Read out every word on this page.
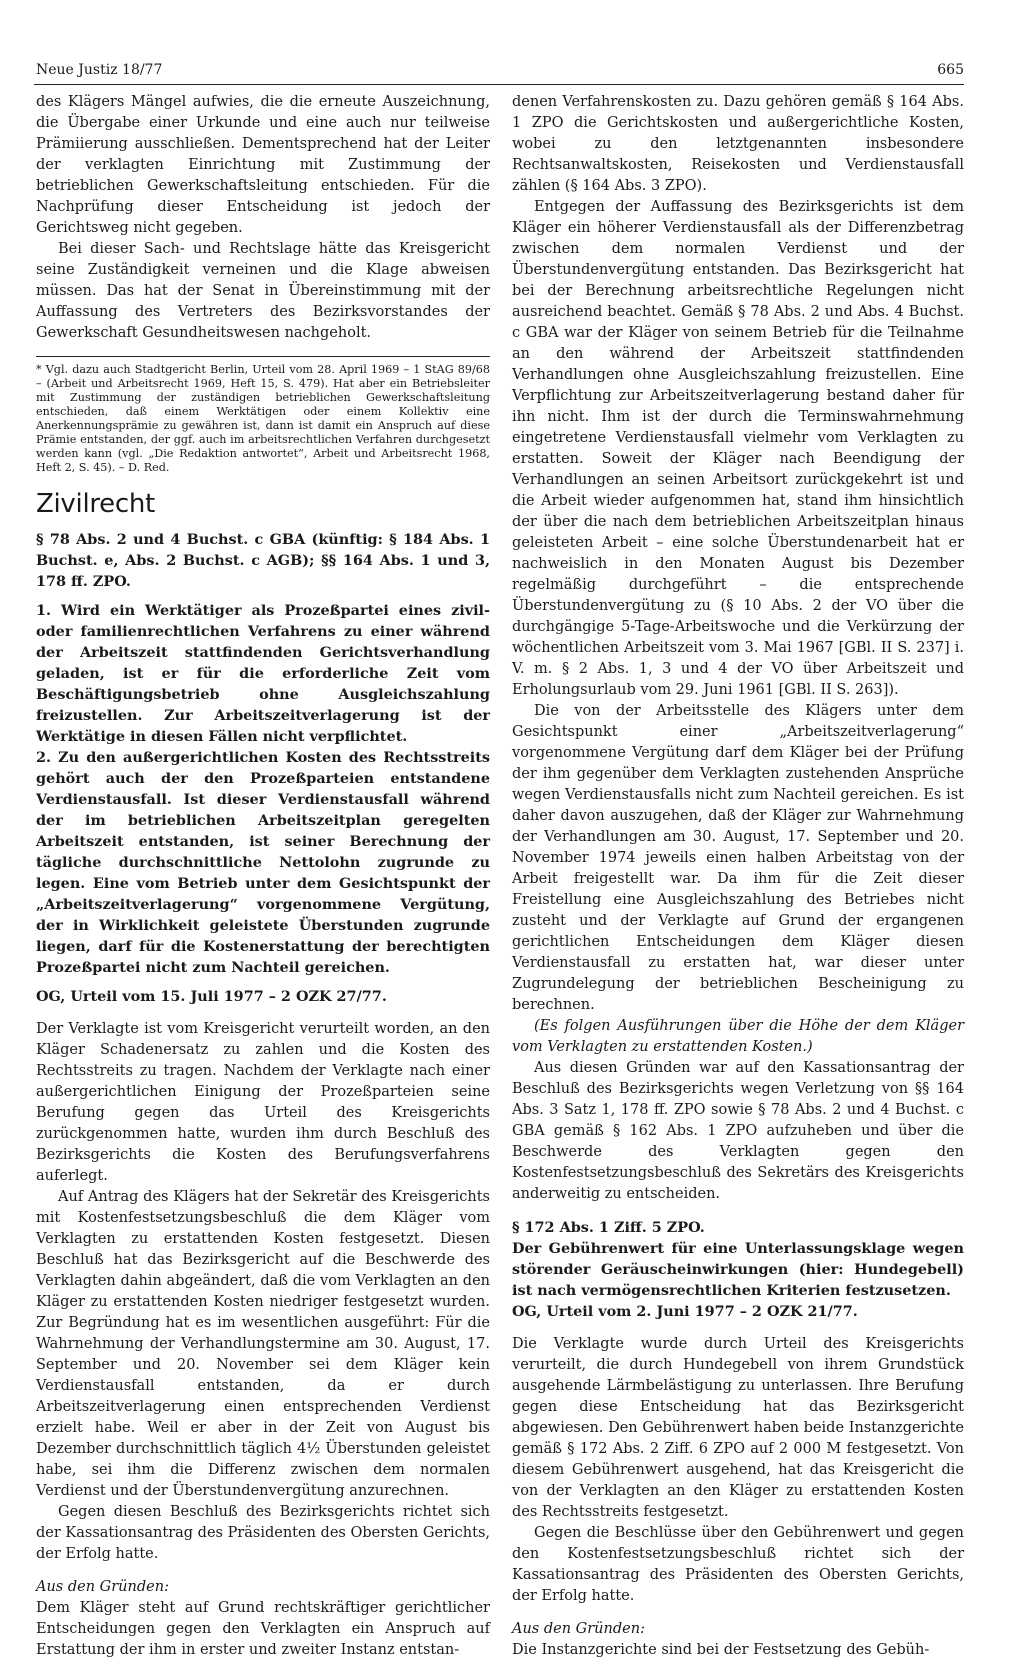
Neue Justiz 18/77	665

des Klägers Mängel aufwies, die die erneute Auszeichnung, die Übergabe einer Urkunde und eine auch nur teilweise Prämiierung ausschließen. Dementsprechend hat der Leiter der verklagten Einrichtung mit Zustimmung der betrieblichen Gewerkschaftsleitung entschieden. Für die Nachprüfung dieser Entscheidung ist jedoch der Gerichtsweg nicht gegeben.

Bei dieser Sach- und Rechtslage hätte das Kreisgericht seine Zuständigkeit verneinen und die Klage abweisen müssen. Das hat der Senat in Übereinstimmung mit der Auffassung des Vertreters des Bezirksvorstandes der Gewerkschaft Gesundheitswesen nachgeholt.

* Vgl. dazu auch Stadtgericht Berlin, Urteil vom 28. April 1969 – 1 StAG 89/68 – (Arbeit und Arbeitsrecht 1969, Heft 15, S. 479). Hat aber ein Betriebsleiter mit Zustimmung der zuständigen betrieblichen Gewerkschaftsleitung entschieden, daß einem Werktätigen oder einem Kollektiv eine Anerkennungsprämie zu gewähren ist, dann ist damit ein Anspruch auf diese Prämie entstanden, der ggf. auch im arbeitsrechtlichen Verfahren durchgesetzt werden kann (vgl. „Die Redaktion antwortet“, Arbeit und Arbeitsrecht 1968, Heft 2, S. 45). – D. Red.

Zivilrecht

§ 78 Abs. 2 und 4 Buchst. c GBA (künftig: § 184 Abs. 1 Buchst. e, Abs. 2 Buchst. c AGB); §§ 164 Abs. 1 und 3, 178 ff. ZPO.

1. Wird ein Werktätiger als Prozeßpartei eines zivil- oder familienrechtlichen Verfahrens zu einer während der Arbeitszeit stattfindenden Gerichtsverhandlung geladen, ist er für die erforderliche Zeit vom Beschäftigungsbetrieb ohne Ausgleichszahlung freizustellen. Zur Arbeitszeitverlagerung ist der Werktätige in diesen Fällen nicht verpflichtet.

2. Zu den außergerichtlichen Kosten des Rechtsstreits gehört auch der den Prozeßparteien entstandene Verdienstausfall. Ist dieser Verdienstausfall während der im betrieblichen Arbeitszeitplan geregelten Arbeitszeit entstanden, ist seiner Berechnung der tägliche durchschnittliche Nettolohn zugrunde zu legen. Eine vom Betrieb unter dem Gesichtspunkt der „Arbeitszeitverlagerung“ vorgenommene Vergütung, der in Wirklichkeit geleistete Überstunden zugrunde liegen, darf für die Kostenerstattung der berechtigten Prozeßpartei nicht zum Nachteil gereichen.

OG, Urteil vom 15. Juli 1977 – 2 OZK 27/77.

Der Verklagte ist vom Kreisgericht verurteilt worden, an den Kläger Schadenersatz zu zahlen und die Kosten des Rechtsstreits zu tragen. Nachdem der Verklagte nach einer außergerichtlichen Einigung der Prozeßparteien seine Berufung gegen das Urteil des Kreisgerichts zurückgenommen hatte, wurden ihm durch Beschluß des Bezirksgerichts die Kosten des Berufungsverfahrens auferlegt.

Auf Antrag des Klägers hat der Sekretär des Kreisgerichts mit Kostenfestsetzungsbeschluß die dem Kläger vom Verklagten zu erstattenden Kosten festgesetzt. Diesen Beschluß hat das Bezirksgericht auf die Beschwerde des Verklagten dahin abgeändert, daß die vom Verklagten an den Kläger zu erstattenden Kosten niedriger festgesetzt wurden. Zur Begründung hat es im wesentlichen ausgeführt: Für die Wahrnehmung der Verhandlungstermine am 30. August, 17. September und 20. November sei dem Kläger kein Verdienstausfall entstanden, da er durch Arbeitszeitverlagerung einen entsprechenden Verdienst erzielt habe. Weil er aber in der Zeit von August bis Dezember durchschnittlich täglich 4½ Überstunden geleistet habe, sei ihm die Differenz zwischen dem normalen Verdienst und der Überstundenvergütung anzurechnen.

Gegen diesen Beschluß des Bezirksgerichts richtet sich der Kassationsantrag des Präsidenten des Obersten Gerichts, der Erfolg hatte.

Aus den Gründen:

Dem Kläger steht auf Grund rechtskräftiger gerichtlicher Entscheidungen gegen den Verklagten ein Anspruch auf Erstattung der ihm in erster und zweiter Instanz entstan-

denen Verfahrenskosten zu. Dazu gehören gemäß § 164 Abs. 1 ZPO die Gerichtskosten und außergerichtliche Kosten, wobei zu den letztgenannten insbesondere Rechtsanwaltskosten, Reisekosten und Verdienstausfall zählen (§ 164 Abs. 3 ZPO).

Entgegen der Auffassung des Bezirksgerichts ist dem Kläger ein höherer Verdienstausfall als der Differenzbetrag zwischen dem normalen Verdienst und der Überstundenvergütung entstanden. Das Bezirksgericht hat bei der Berechnung arbeitsrechtliche Regelungen nicht ausreichend beachtet. Gemäß § 78 Abs. 2 und Abs. 4 Buchst. c GBA war der Kläger von seinem Betrieb für die Teilnahme an den während der Arbeitszeit stattfindenden Verhandlungen ohne Ausgleichszahlung freizustellen. Eine Verpflichtung zur Arbeitszeitverlagerung bestand daher für ihn nicht. Ihm ist der durch die Terminswahrnehmung eingetretene Verdienstausfall vielmehr vom Verklagten zu erstatten. Soweit der Kläger nach Beendigung der Verhandlungen an seinen Arbeitsort zurückgekehrt ist und die Arbeit wieder aufgenommen hat, stand ihm hinsichtlich der über die nach dem betrieblichen Arbeitszeitplan hinaus geleisteten Arbeit – eine solche Überstundenarbeit hat er nachweislich in den Monaten August bis Dezember regelmäßig durchgeführt – die entsprechende Überstundenvergütung zu (§ 10 Abs. 2 der VO über die durchgängige 5-Tage-Arbeitswoche und die Verkürzung der wöchentlichen Arbeitszeit vom 3. Mai 1967 [GBl. II S. 237] i. V. m. § 2 Abs. 1, 3 und 4 der VO über Arbeitszeit und Erholungsurlaub vom 29. Juni 1961 [GBl. II S. 263]).

Die von der Arbeitsstelle des Klägers unter dem Gesichtspunkt einer „Arbeitszeitverlagerung“ vorgenommene Vergütung darf dem Kläger bei der Prüfung der ihm gegenüber dem Verklagten zustehenden Ansprüche wegen Verdienstausfalls nicht zum Nachteil gereichen. Es ist daher davon auszugehen, daß der Kläger zur Wahrnehmung der Verhandlungen am 30. August, 17. September und 20. November 1974 jeweils einen halben Arbeitstag von der Arbeit freigestellt war. Da ihm für die Zeit dieser Freistellung eine Ausgleichszahlung des Betriebes nicht zusteht und der Verklagte auf Grund der ergangenen gerichtlichen Entscheidungen dem Kläger diesen Verdienstausfall zu erstatten hat, war dieser unter Zugrundelegung der betrieblichen Bescheinigung zu berechnen.

(Es folgen Ausführungen über die Höhe der dem Kläger vom Verklagten zu erstattenden Kosten.)

Aus diesen Gründen war auf den Kassationsantrag der Beschluß des Bezirksgerichts wegen Verletzung von §§ 164 Abs. 3 Satz 1, 178 ff. ZPO sowie § 78 Abs. 2 und 4 Buchst. c GBA gemäß § 162 Abs. 1 ZPO aufzuheben und über die Beschwerde des Verklagten gegen den Kostenfestsetzungsbeschluß des Sekretärs des Kreisgerichts anderweitig zu entscheiden.

§ 172 Abs. 1 Ziff. 5 ZPO.

Der Gebührenwert für eine Unterlassungsklage wegen störender Geräuscheinwirkungen (hier: Hundegebell) ist nach vermögensrechtlichen Kriterien festzusetzen.

OG, Urteil vom 2. Juni 1977 – 2 OZK 21/77.

Die Verklagte wurde durch Urteil des Kreisgerichts verurteilt, die durch Hundegebell von ihrem Grundstück ausgehende Lärmbelästigung zu unterlassen. Ihre Berufung gegen diese Entscheidung hat das Bezirksgericht abgewiesen. Den Gebührenwert haben beide Instanzgerichte gemäß § 172 Abs. 2 Ziff. 6 ZPO auf 2 000 M festgesetzt. Von diesem Gebührenwert ausgehend, hat das Kreisgericht die von der Verklagten an den Kläger zu erstattenden Kosten des Rechtsstreits festgesetzt.

Gegen die Beschlüsse über den Gebührenwert und gegen den Kostenfestsetzungsbeschluß richtet sich der Kassationsantrag des Präsidenten des Obersten Gerichts, der Erfolg hatte.

Aus den Gründen:

Die Instanzgerichte sind bei der Festsetzung des Gebüh-
